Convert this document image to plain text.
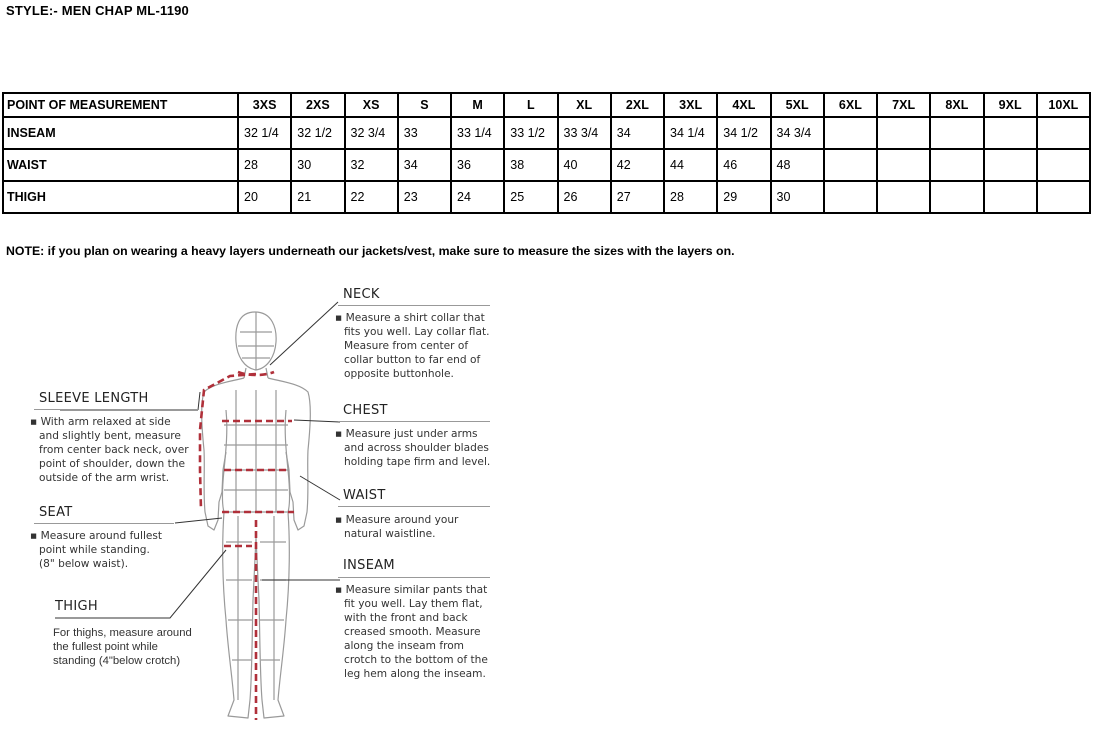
STYLE:- MEN CHAP ML-1190
POINT OF MEASUREMENT	3XS	2XS	XS	S	M	L	XL	2XL	3XL	4XL	5XL	6XL	7XL	8XL	9XL	10XL
INSEAM	32 1/4	32 1/2	32 3/4	33	33 1/4	33 1/2	33 3/4	34	34 1/4	34 1/2	34 3/4					
WAIST	28	30	32	34	36	38	40	42	44	46	48					
THIGH	20	21	22	23	24	25	26	27	28	29	30					
NOTE: if you plan on wearing a heavy layers underneath our jackets/vest, make sure to measure the sizes with the layers on.
NECK
▪ Measure a shirt collar that
fits you well. Lay collar flat.
Measure from center of
collar button to far end of
opposite buttonhole.
CHEST
▪ Measure just under arms
and across shoulder blades
holding tape firm and level.
WAIST
▪ Measure around your
natural waistline.
INSEAM
▪ Measure similar pants that
fit you well. Lay them flat,
with the front and back
creased smooth. Measure
along the inseam from
crotch to the bottom of the
leg hem along the inseam.
SLEEVE LENGTH
▪ With arm relaxed at side
and slightly bent, measure
from center back neck, over
point of shoulder, down the
outside of the arm wrist.
SEAT
▪ Measure around fullest
point while standing.
(8" below waist).
THIGH
For thighs, measure around
the fullest point while
standing (4"below crotch)
